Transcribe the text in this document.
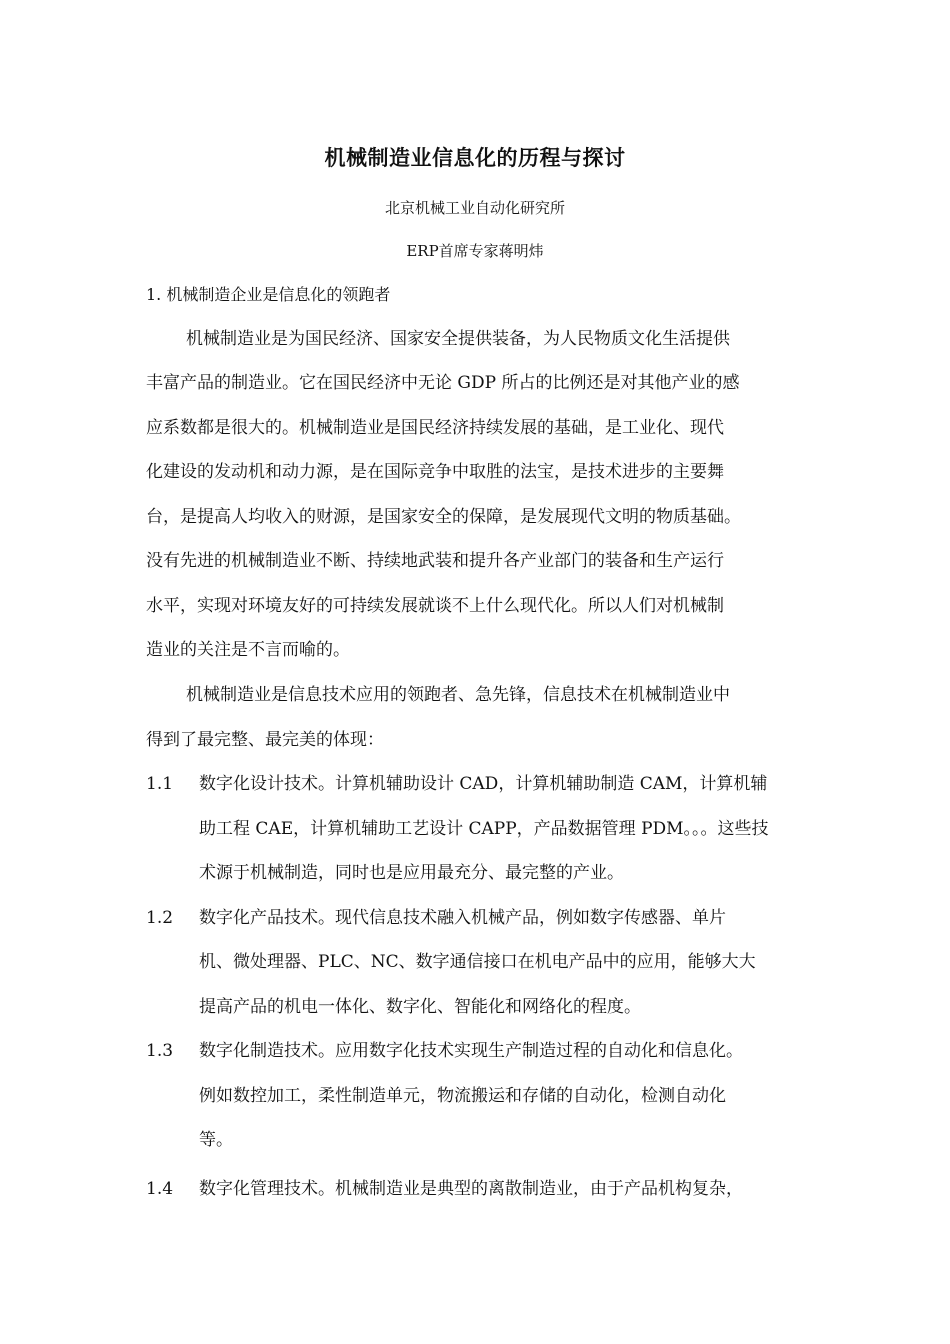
机械制造业信息化的历程与探讨
北京机械工业自动化研究所
ERP首席专家蒋明炜
1. 机械制造企业是信息化的领跑者
机械制造业是为国民经济、国家安全提供装备，为人民物质文化生活提供
丰富产品的制造业。它在国民经济中无论 GDP 所占的比例还是对其他产业的感
应系数都是很大的。机械制造业是国民经济持续发展的基础，是工业化、现代
化建设的发动机和动力源，是在国际竞争中取胜的法宝，是技术进步的主要舞
台，是提高人均收入的财源，是国家安全的保障，是发展现代文明的物质基础。
没有先进的机械制造业不断、持续地武装和提升各产业部门的装备和生产运行
水平，实现对环境友好的可持续发展就谈不上什么现代化。所以人们对机械制
造业的关注是不言而喻的。
机械制造业是信息技术应用的领跑者、急先锋，信息技术在机械制造业中
得到了最完整、最完美的体现：
1.1 数字化设计技术。计算机辅助设计 CAD，计算机辅助制造 CAM，计算机辅
助工程 CAE，计算机辅助工艺设计 CAPP，产品数据管理 PDM。。。这些技
术源于机械制造，同时也是应用最充分、最完整的产业。
1.2 数字化产品技术。现代信息技术融入机械产品，例如数字传感器、单片
机、微处理器、PLC、NC、数字通信接口在机电产品中的应用，能够大大
提高产品的机电一体化、数字化、智能化和网络化的程度。
1.3 数字化制造技术。应用数字化技术实现生产制造过程的自动化和信息化。
例如数控加工，柔性制造单元，物流搬运和存储的自动化，检测自动化
等。
1.4 数字化管理技术。机械制造业是典型的离散制造业，由于产品机构复杂，
